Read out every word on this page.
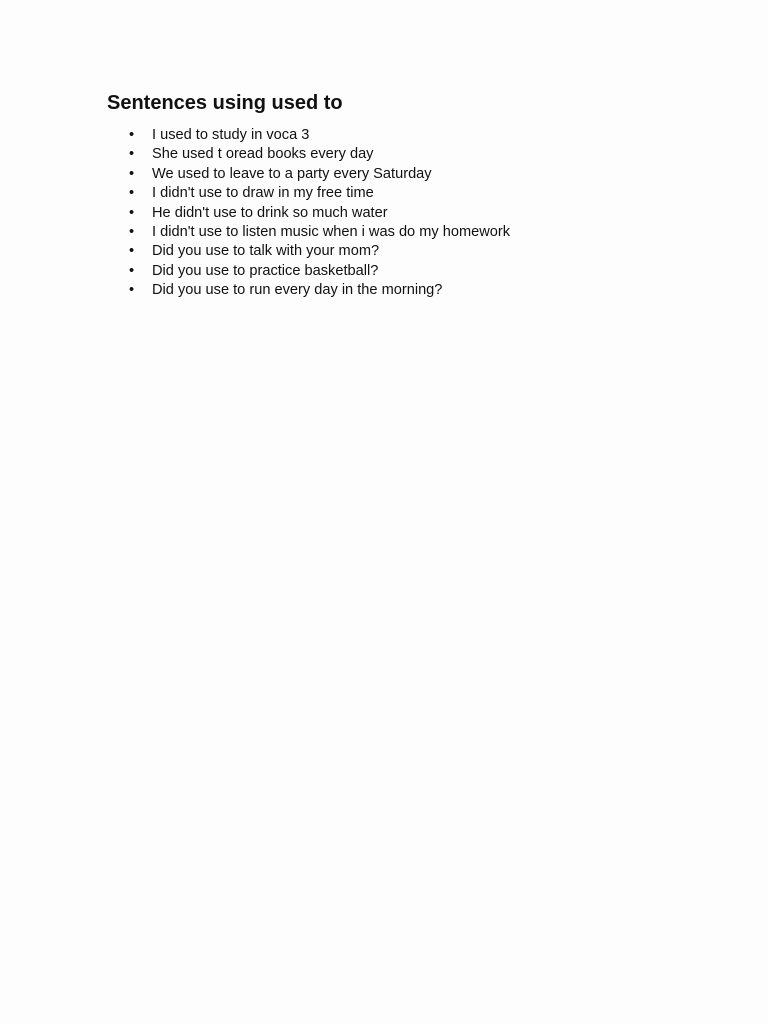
Sentences using used to
• I used to study in voca 3
• She used t oread books every day
• We used to leave to a party every Saturday
• I didn't use to draw in my free time
• He didn't use to drink so much water
• I didn't use to listen music when i was do my homework
• Did you use to talk with your mom?
• Did you use to practice basketball?
• Did you use to run every day in the morning?
